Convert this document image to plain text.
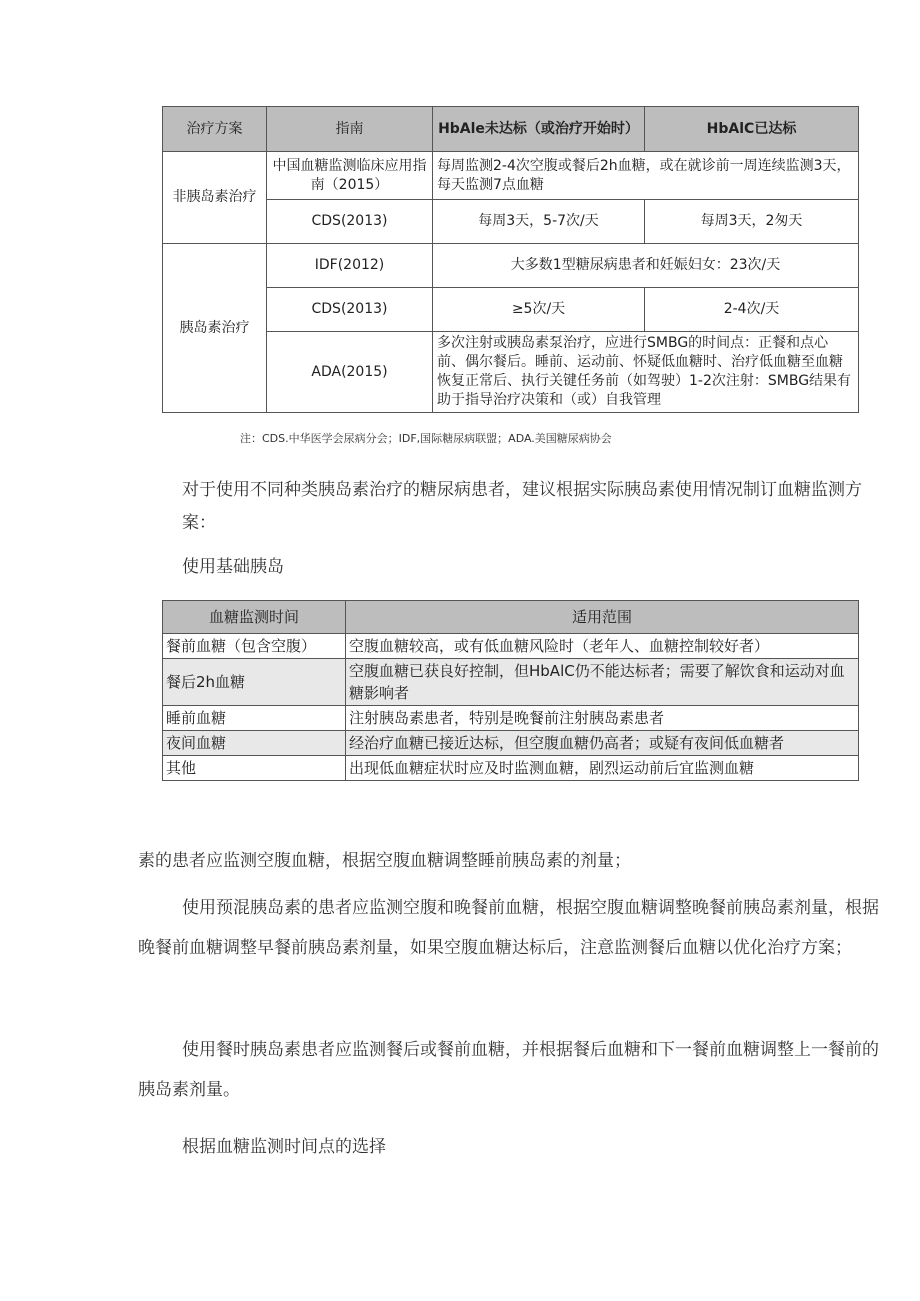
治疗方案	指南	HbAle未达标（或治疗开始时）	HbAlC已达标
非胰岛素治疗	中国血糖监测临床应用指南（2015）	每周监测2-4次空腹或餐后2h血糖，或在就诊前一周连续监测3天，每天监测7点血糖	
	CDS(2013)	每周3天，5-7次/天	每周3天，2匆天
胰岛素治疗	IDF(2012)	大多数1型糖尿病患者和妊娠妇女：23次/天	
	CDS(2013)	≥5次/天	2-4次/天
	ADA(2015)	多次注射或胰岛素泵治疗，应进行SMBG的时间点：正餐和点心前、偶尔餐后。睡前、运动前、怀疑低血糖时、治疗低血糖至血糖恢复正常后、执行关键任务前（如驾驶）1-2次注射：SMBG结果有助于指导治疗决策和（或）自我管理	
注：CDS.中华医学会尿病分会；IDF,国际糖尿病联盟；ADA.美国糖尿病协会

对于使用不同种类胰岛素治疗的糖尿病患者，建议根据实际胰岛素使用情况制订血糖监测方案：

使用基础胰岛

血糖监测时间	适用范围
餐前血糖（包含空腹）	空腹血糖较高，或有低血糖风险时（老年人、血糖控制较好者）
餐后2h血糖	空腹血糖已获良好控制，但HbAlC仍不能达标者；需要了解饮食和运动对血糖影响者
睡前血糖	注射胰岛素患者，特别是晚餐前注射胰岛素患者
夜间血糖	经治疗血糖已接近达标，但空腹血糖仍高者；或疑有夜间低血糖者
其他	出现低血糖症状时应及时监测血糖，剧烈运动前后宜监测血糖

素的患者应监测空腹血糖，根据空腹血糖调整睡前胰岛素的剂量；

使用预混胰岛素的患者应监测空腹和晚餐前血糖，根据空腹血糖调整晚餐前胰岛素剂量，根据晚餐前血糖调整早餐前胰岛素剂量，如果空腹血糖达标后，注意监测餐后血糖以优化治疗方案；

使用餐时胰岛素患者应监测餐后或餐前血糖，并根据餐后血糖和下一餐前血糖调整上一餐前的胰岛素剂量。

根据血糖监测时间点的选择
